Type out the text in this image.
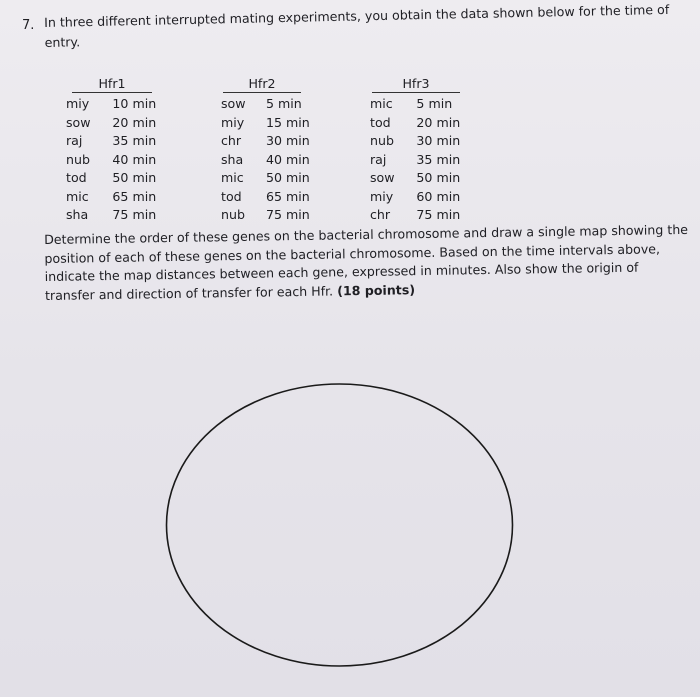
7. In three different interrupted mating experiments, you obtain the data shown below for the time of entry.
Hfr1
miy	10 min
sow	20 min
raj	35 min
nub	40 min
tod	50 min
mic	65 min
sha	75 min
Hfr2
sow	5 min
miy	15 min
chr	30 min
sha	40 min
mic	50 min
tod	65 min
nub	75 min
Hfr3
mic	5 min
tod	20 min
nub	30 min
raj	35 min
sow	50 min
miy	60 min
chr	75 min
Determine the order of these genes on the bacterial chromosome and draw a single map showing the position of each of these genes on the bacterial chromosome. Based on the time intervals above, indicate the map distances between each gene, expressed in minutes. Also show the origin of transfer and direction of transfer for each Hfr. (18 points)
